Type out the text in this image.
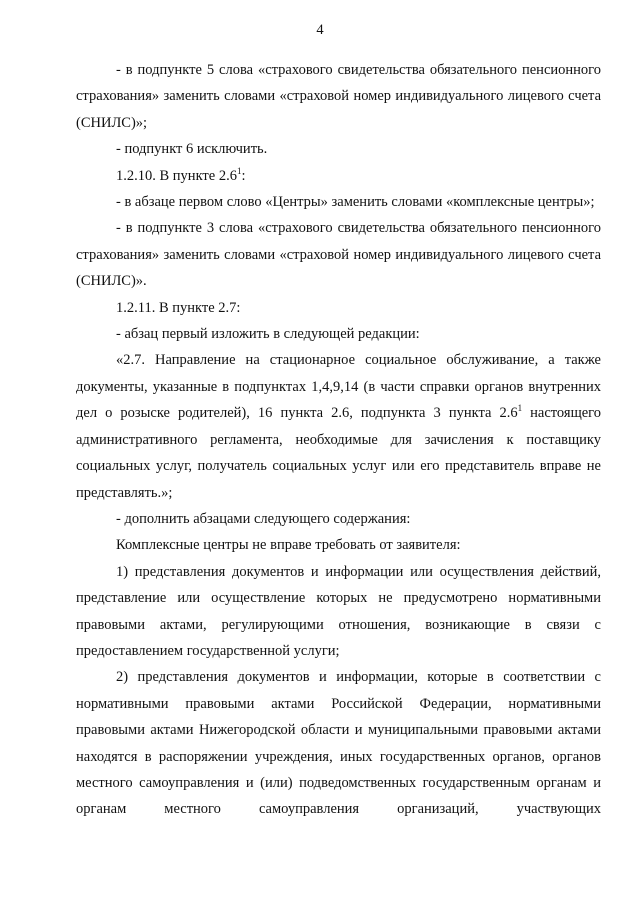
4

- в подпункте 5 слова «страхового свидетельства обязательного пенсионного страхования» заменить словами «страховой номер индивидуального лицевого счета (СНИЛС)»;

- подпункт 6 исключить.

1.2.10. В пункте $2.6^1$:

- в абзаце первом слово «Центры» заменить словами «комплексные центры»;

- в подпункте 3 слова «страхового свидетельства обязательного пенсионного страхования» заменить словами «страховой номер индивидуального лицевого счета (СНИЛС)».

1.2.11. В пункте 2.7:

- абзац первый изложить в следующей редакции:

«2.7. Направление на стационарное социальное обслуживание, а также документы, указанные в подпунктах 1,4,9,14 (в части справки органов внутренних дел о розыске родителей), 16 пункта 2.6, подпункта 3 пункта $2.6^1$ настоящего административного регламента, необходимые для зачисления к поставщику социальных услуг, получатель социальных услуг или его представитель вправе не представлять.»;

- дополнить абзацами следующего содержания:

Комплексные центры не вправе требовать от заявителя:

1) представления документов и информации или осуществления действий, представление или осуществление которых не предусмотрено нормативными правовыми актами, регулирующими отношения, возникающие в связи с предоставлением государственной услуги;

2) представления документов и информации, которые в соответствии с нормативными правовыми актами Российской Федерации, нормативными правовыми актами Нижегородской области и муниципальными правовыми актами находятся в распоряжении учреждения, иных государственных органов, органов местного самоуправления и (или) подведомственных государственным органам и органам местного самоуправления организаций, участвующих
